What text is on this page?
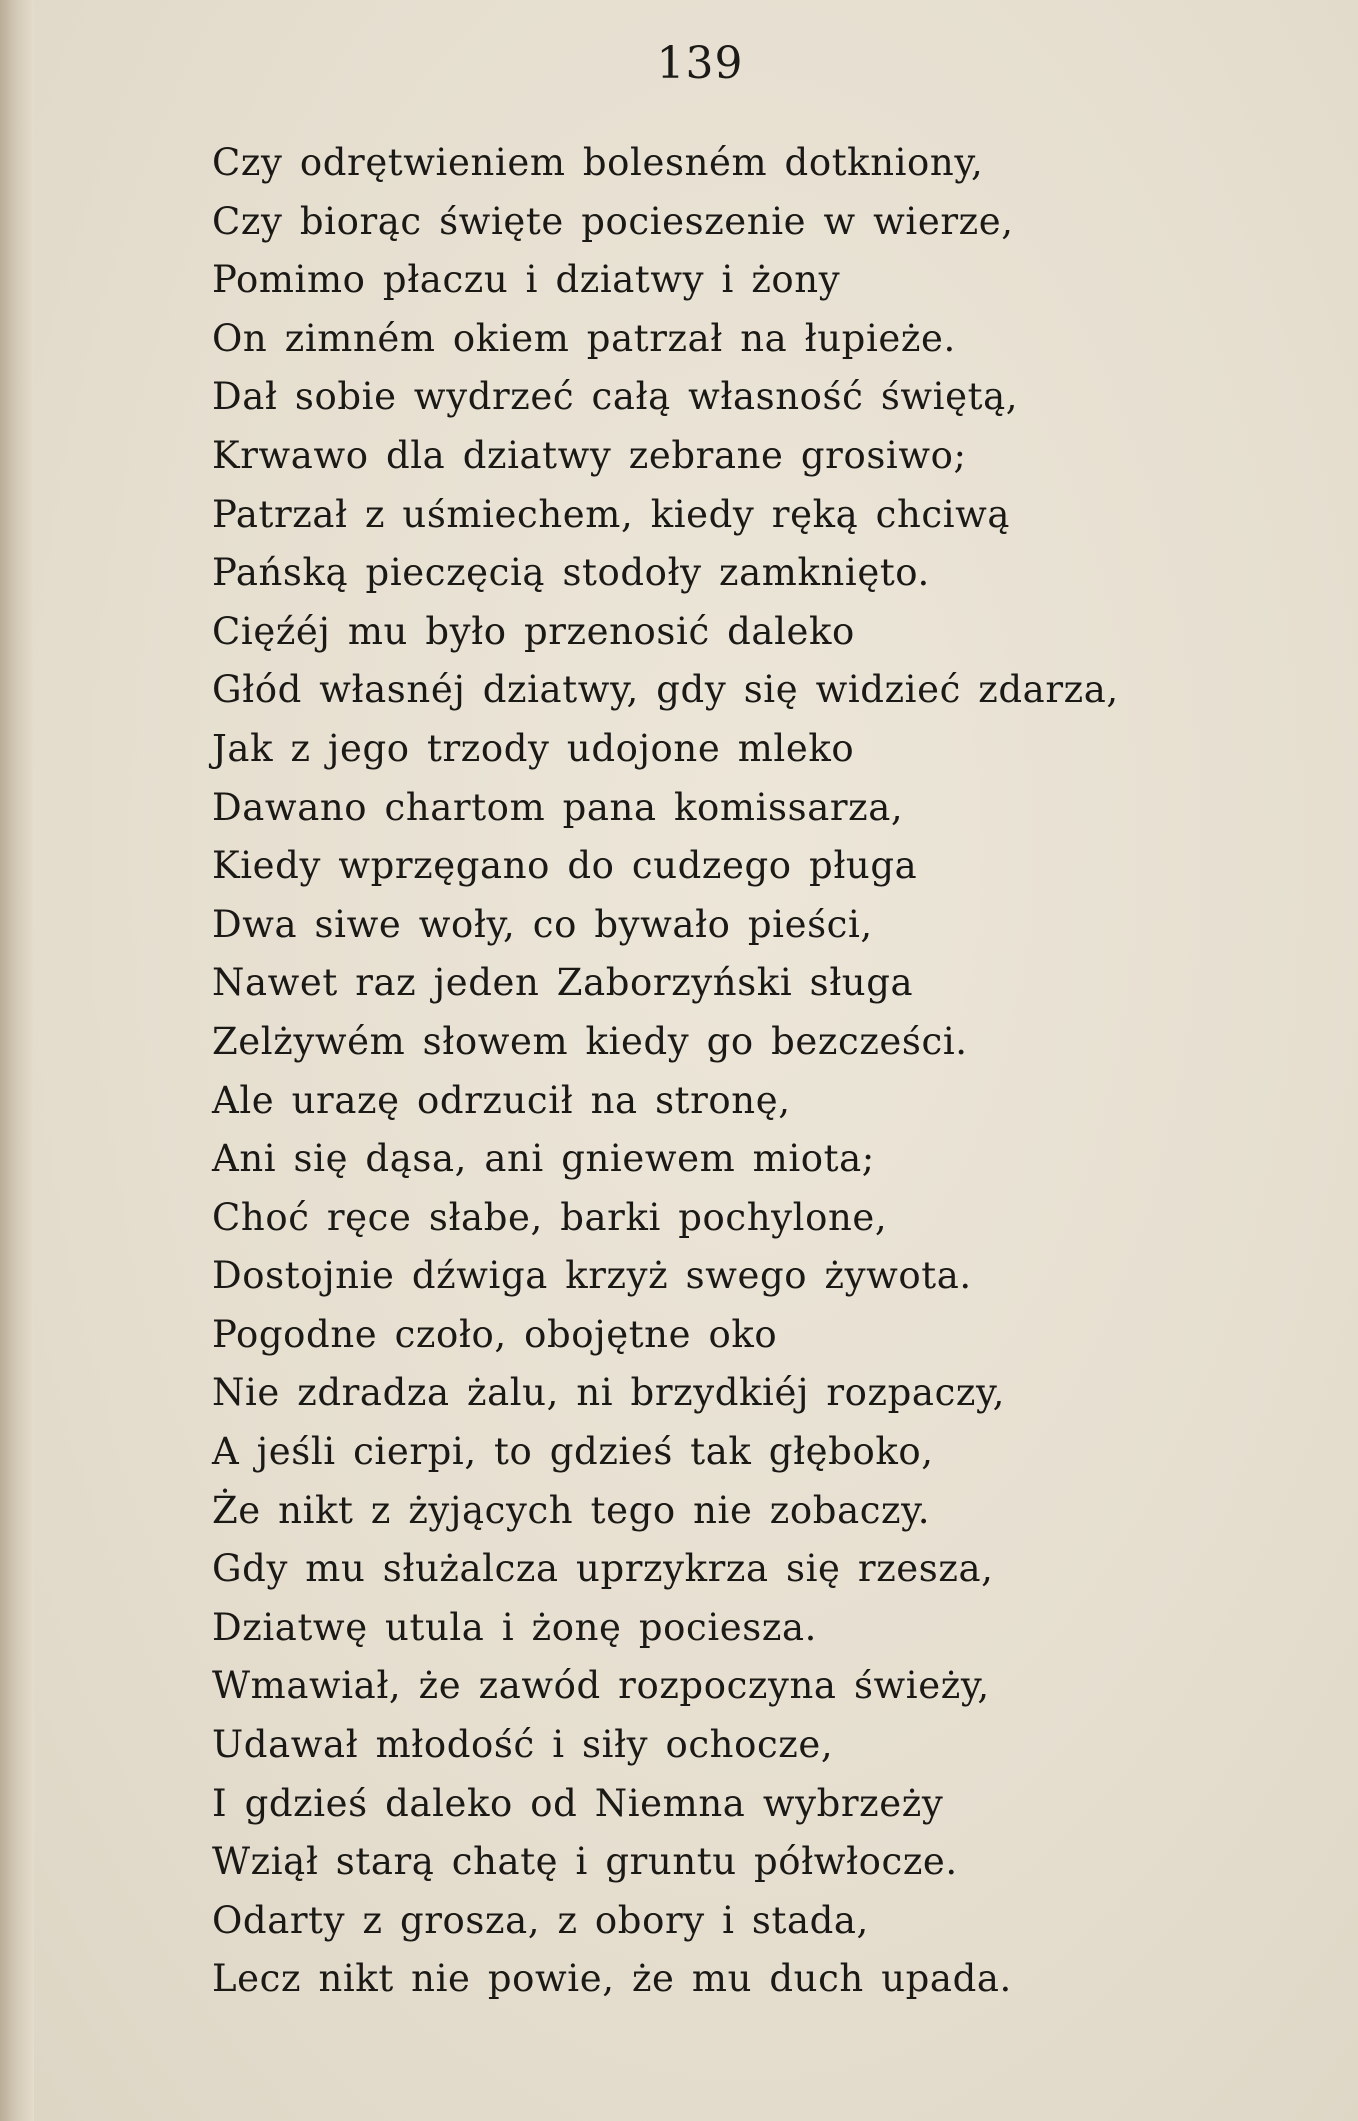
139
Czy odrętwieniem bolesném dotkniony,
Czy biorąc święte pocieszenie w wierze,
Pomimo płaczu i dziatwy i żony
On zimném okiem patrzał na łupieże.
Dał sobie wydrzeć całą własność świętą,
Krwawo dla dziatwy zebrane grosiwo;
Patrzał z uśmiechem, kiedy ręką chciwą
Pańską pieczęcią stodoły zamknięto.
Cięźéj mu było przenosić daleko
Głód własnéj dziatwy, gdy się widzieć zdarza,
Jak z jego trzody udojone mleko
Dawano chartom pana komissarza,
Kiedy wprzęgano do cudzego pługa
Dwa siwe woły, co bywało pieści,
Nawet raz jeden Zaborzyński sługa
Zelżywém słowem kiedy go bezcześci.
Ale urazę odrzucił na stronę,
Ani się dąsa, ani gniewem miota;
Choć ręce słabe, barki pochylone,
Dostojnie dźwiga krzyż swego żywota.
Pogodne czoło, obojętne oko
Nie zdradza żalu, ni brzydkiéj rozpaczy,
A jeśli cierpi, to gdzieś tak głęboko,
Że nikt z żyjących tego nie zobaczy.
Gdy mu służalcza uprzykrza się rzesza,
Dziatwę utula i żonę pociesza.
Wmawiał, że zawód rozpoczyna świeży,
Udawał młodość i siły ochocze,
I gdzieś daleko od Niemna wybrzeży
Wziął starą chatę i gruntu półwłocze.
Odarty z grosza, z obory i stada,
Lecz nikt nie powie, że mu duch upada.
